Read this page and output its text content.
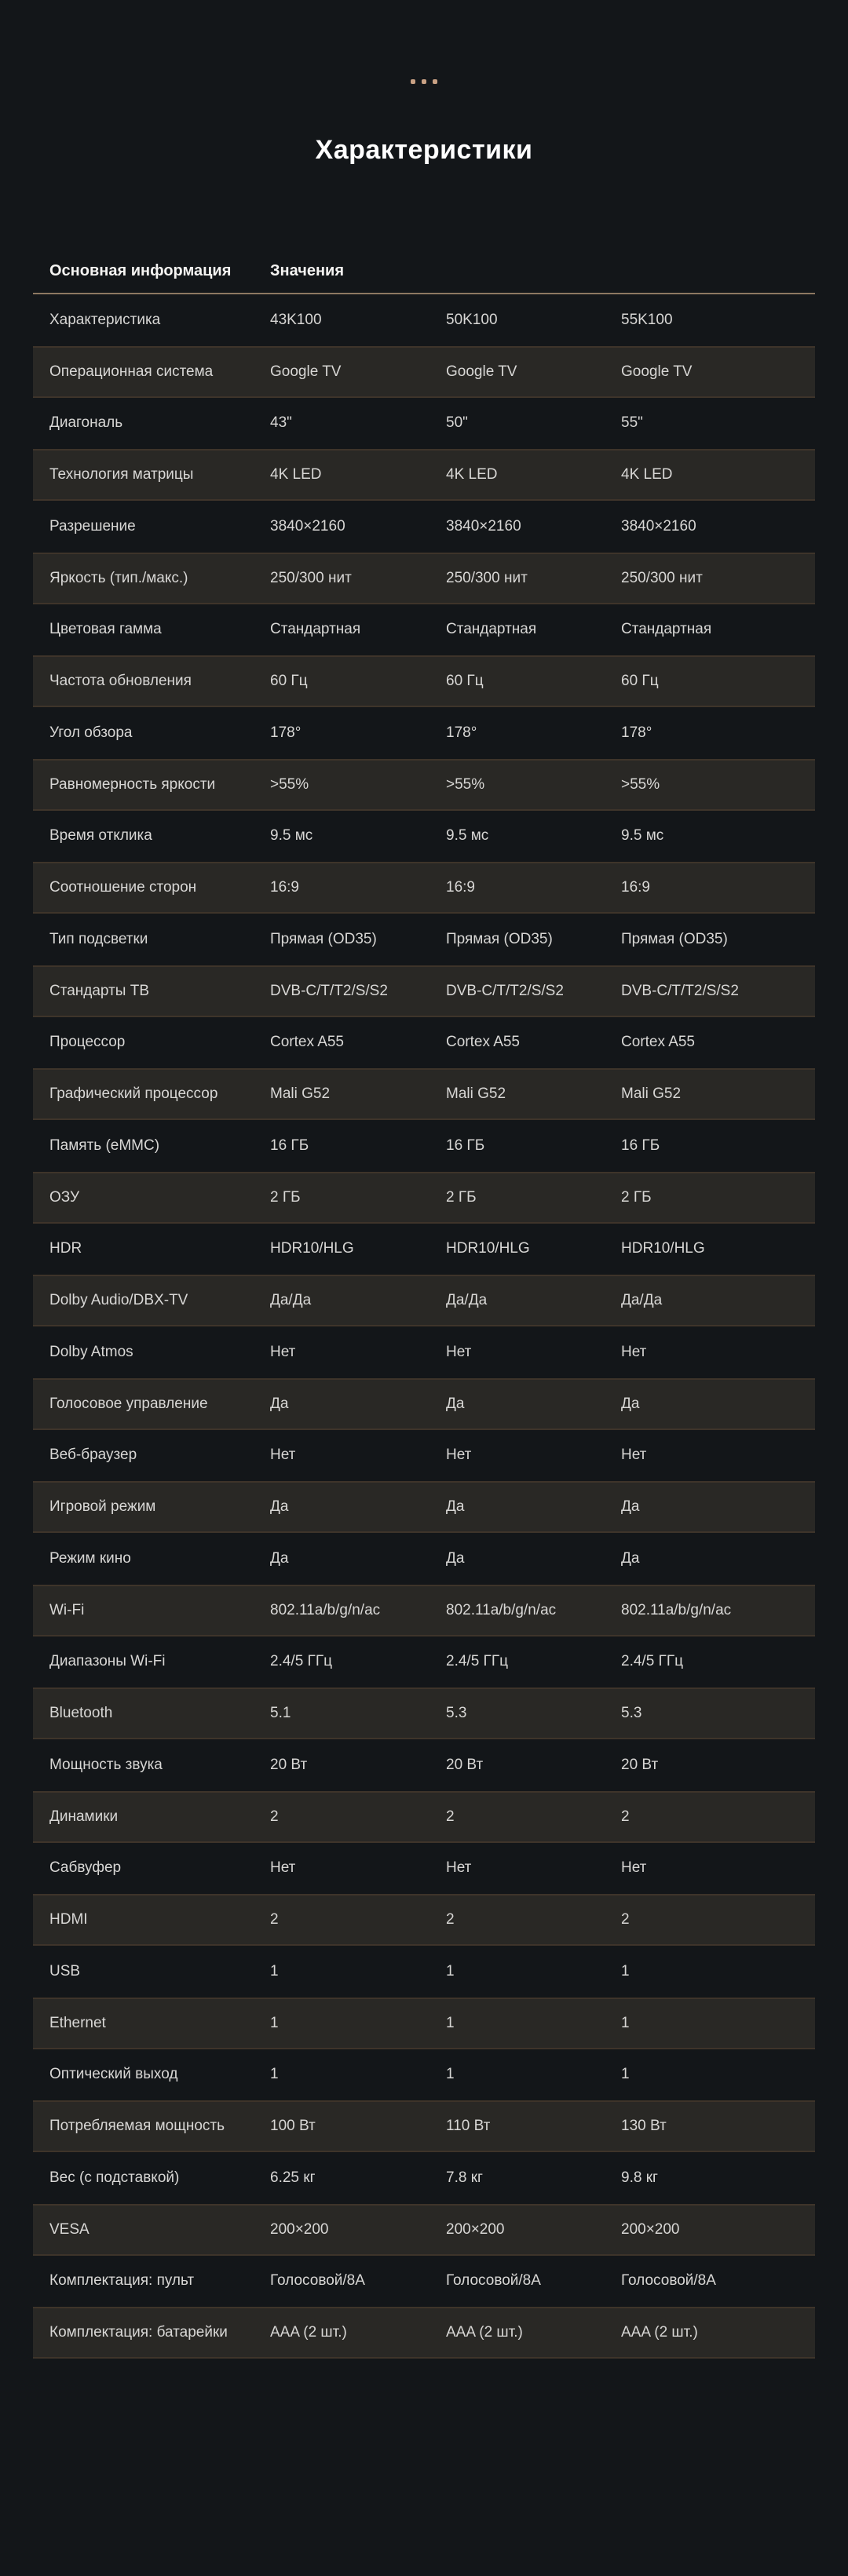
Характеристики
Основная информация	Значения
Характеристика	43K100	50K100	55K100
Операционная система	Google TV	Google TV	Google TV
Диагональ	43"	50"	55"
Технология матрицы	4K LED	4K LED	4K LED
Разрешение	3840×2160	3840×2160	3840×2160
Яркость (тип./макс.)	250/300 нит	250/300 нит	250/300 нит
Цветовая гамма	Стандартная	Стандартная	Стандартная
Частота обновления	60 Гц	60 Гц	60 Гц
Угол обзора	178°	178°	178°
Равномерность яркости	>55%	>55%	>55%
Время отклика	9.5 мс	9.5 мс	9.5 мс
Соотношение сторон	16:9	16:9	16:9
Тип подсветки	Прямая (OD35)	Прямая (OD35)	Прямая (OD35)
Стандарты ТВ	DVB-C/T/T2/S/S2	DVB-C/T/T2/S/S2	DVB-C/T/T2/S/S2
Процессор	Cortex A55	Cortex A55	Cortex A55
Графический процессор	Mali G52	Mali G52	Mali G52
Память (eMMC)	16 ГБ	16 ГБ	16 ГБ
ОЗУ	2 ГБ	2 ГБ	2 ГБ
HDR	HDR10/HLG	HDR10/HLG	HDR10/HLG
Dolby Audio/DBX-TV	Да/Да	Да/Да	Да/Да
Dolby Atmos	Нет	Нет	Нет
Голосовое управление	Да	Да	Да
Веб-браузер	Нет	Нет	Нет
Игровой режим	Да	Да	Да
Режим кино	Да	Да	Да
Wi-Fi	802.11a/b/g/n/ac	802.11a/b/g/n/ac	802.11a/b/g/n/ac
Диапазоны Wi-Fi	2.4/5 ГГц	2.4/5 ГГц	2.4/5 ГГц
Bluetooth	5.1	5.3	5.3
Мощность звука	20 Вт	20 Вт	20 Вт
Динамики	2	2	2
Сабвуфер	Нет	Нет	Нет
HDMI	2	2	2
USB	1	1	1
Ethernet	1	1	1
Оптический выход	1	1	1
Потребляемая мощность	100 Вт	110 Вт	130 Вт
Вес (с подставкой)	6.25 кг	7.8 кг	9.8 кг
VESA	200×200	200×200	200×200
Комплектация: пульт	Голосовой/8А	Голосовой/8А	Голосовой/8А
Комплектация: батарейки	AAA (2 шт.)	AAA (2 шт.)	AAA (2 шт.)
